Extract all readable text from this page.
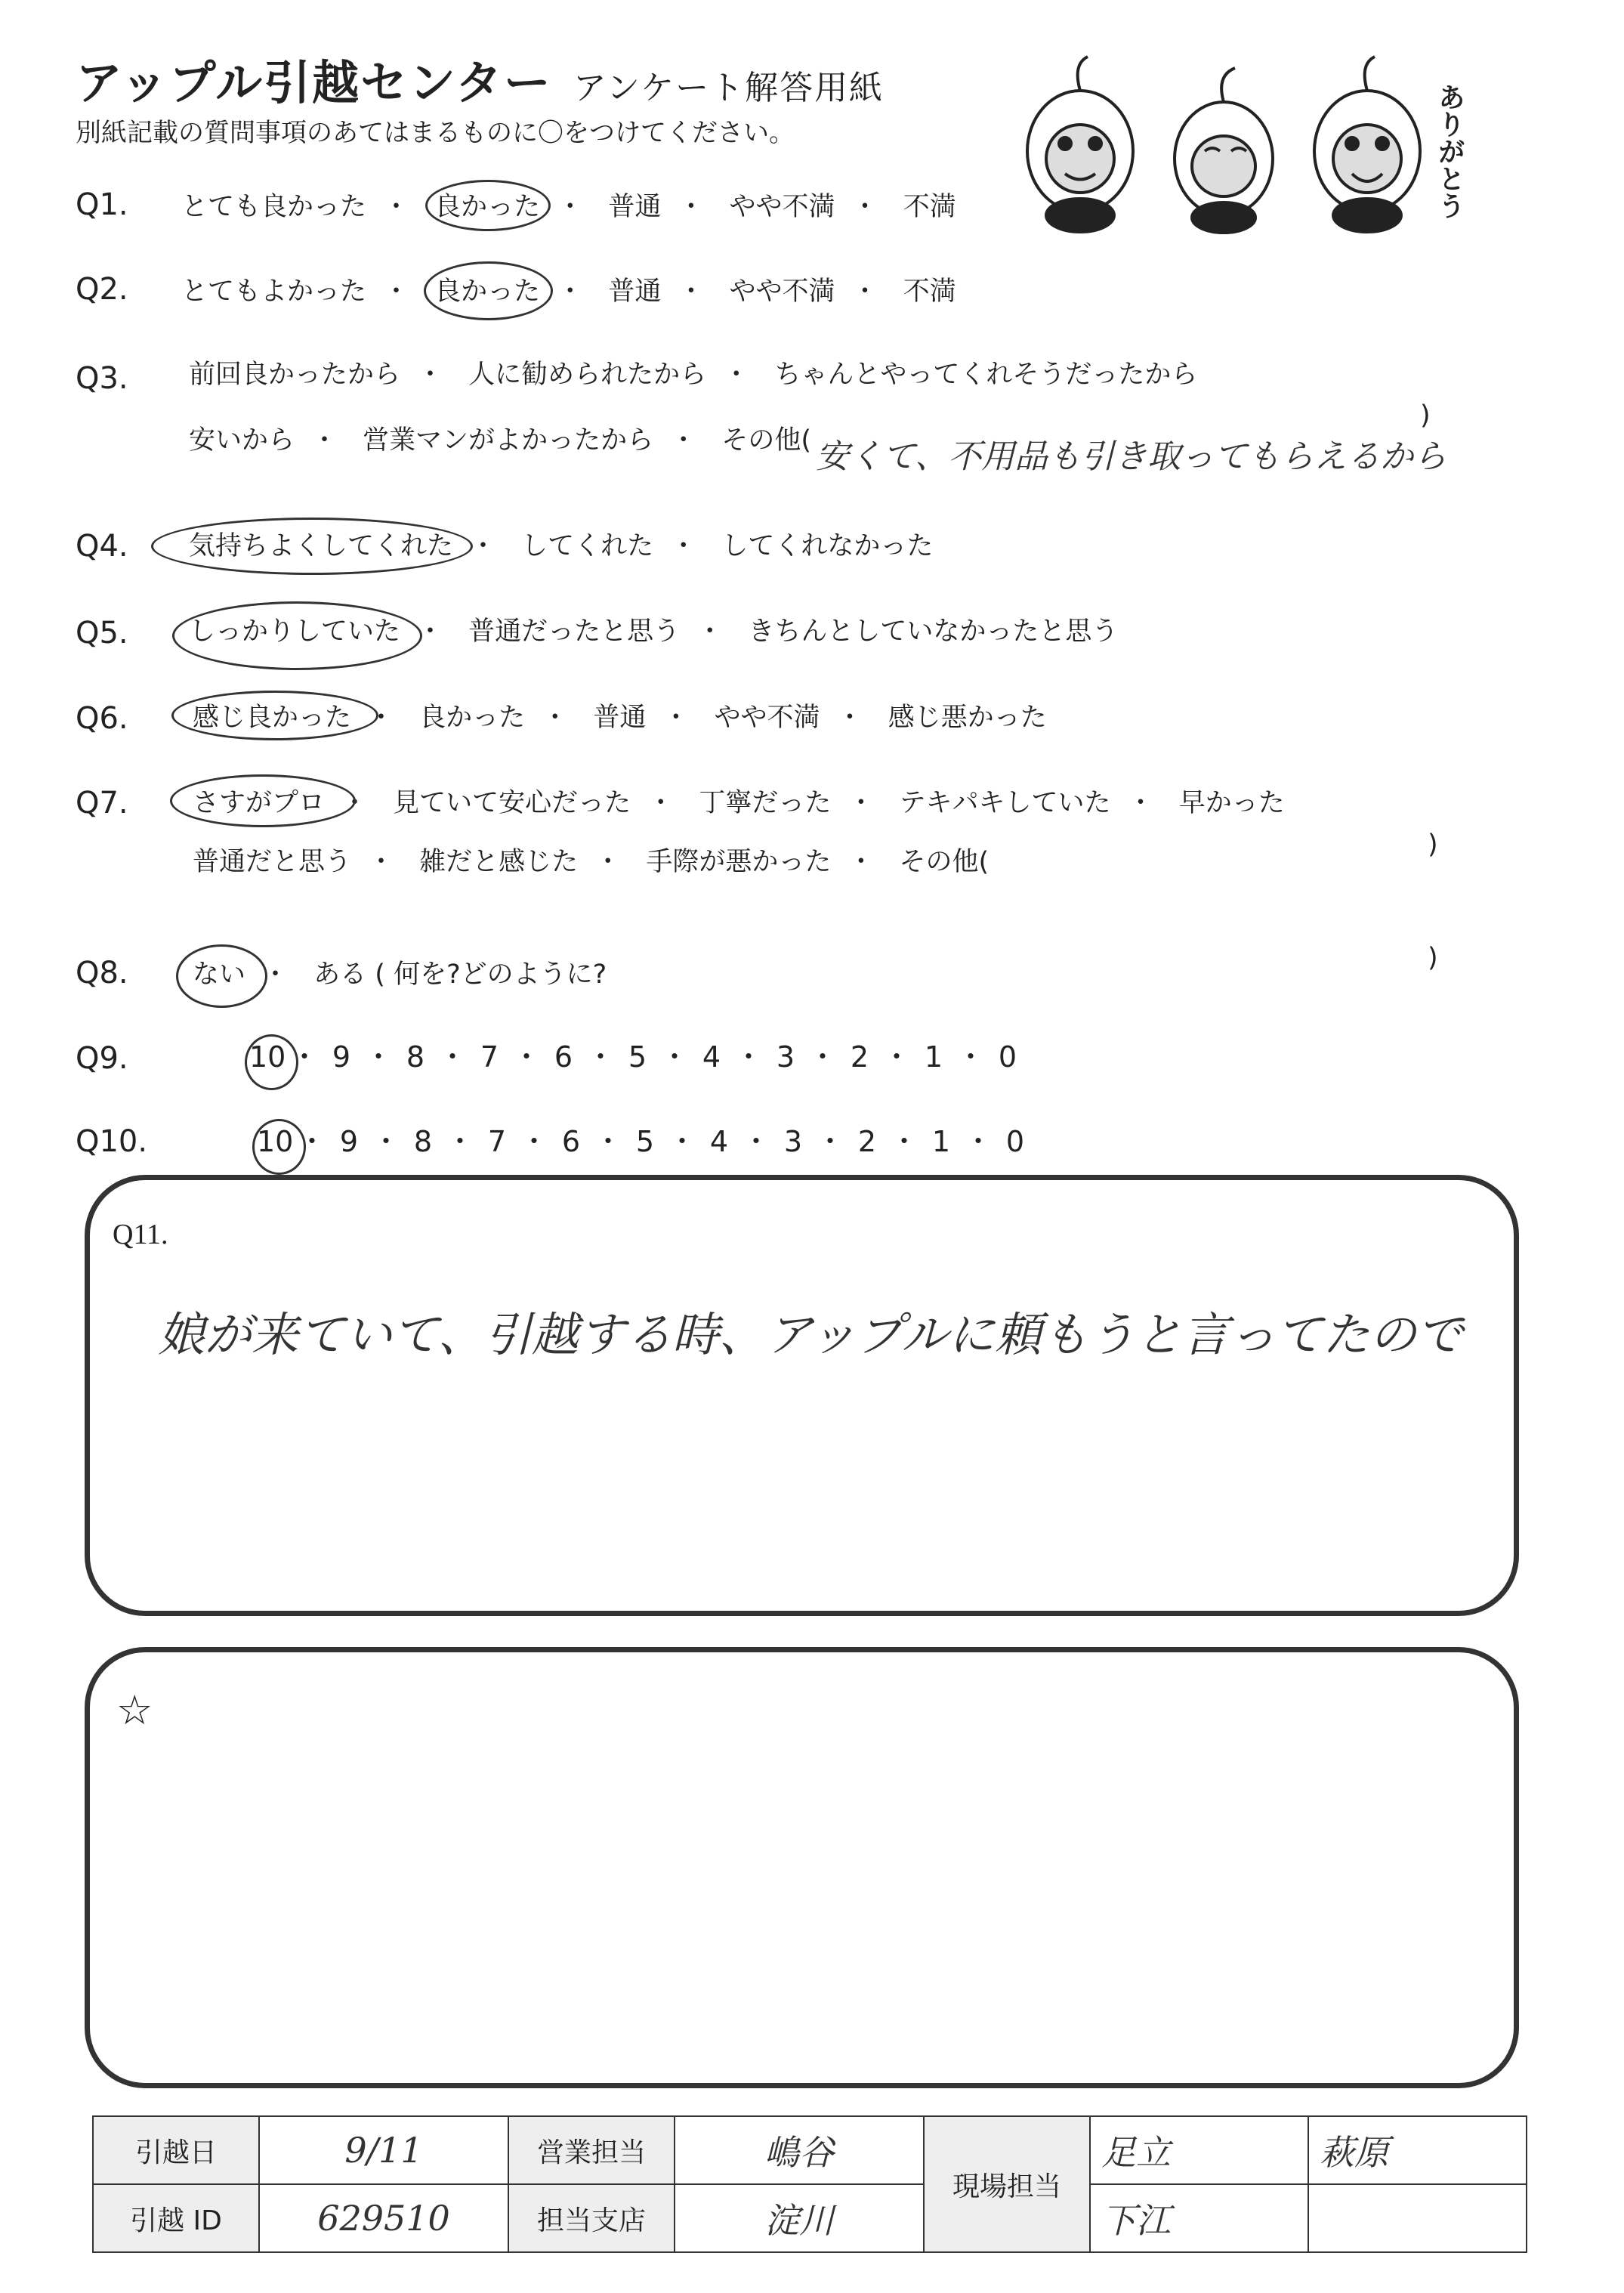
アップル引越センター アンケート解答用紙
別紙記載の質問事項のあてはまるものに〇をつけてください。	ありがとう
Q1. とても良かった ・ 良かった ・ 普通 ・ やや不満 ・ 不満
Q2. とてもよかった ・ 良かった ・ 普通 ・ やや不満 ・ 不満
Q3. 前回良かったから ・ 人に勧められたから ・ ちゃんとやってくれそうだったから
安いから ・ 営業マンがよかったから ・ その他( 安くて、不用品も引き取ってもらえるから
)
Q4. 気持ちよくしてくれた ・ してくれた ・ してくれなかった
Q5. しっかりしていた ・ 普通だったと思う ・ きちんとしていなかったと思う
Q6. 感じ良かった ・ 良かった ・ 普通 ・ やや不満 ・ 感じ悪かった
Q7. さすがプロ ・ 見ていて安心だった ・ 丁寧だった ・ テキパキしていた ・ 早かった
普通だと思う ・ 雑だと感じた ・ 手際が悪かった ・ その他(
)
Q8. ない ・ ある ( 何を?どのように?
)
Q9.	10 ・ 9 ・ 8 ・ 7 ・ 6 ・ 5 ・ 4 ・ 3 ・ 2 ・ 1 ・ 0
Q10.	10 ・ 9 ・ 8 ・ 7 ・ 6 ・ 5 ・ 4 ・ 3 ・ 2 ・ 1 ・ 0
Q11.
娘が来ていて、引越する時、アップルに頼もうと言ってたので
☆
引越日	9/11	営業担当	嶋谷	現場担当	足立	萩原
引越 ID	629510	担当支店	淀川		下江	
